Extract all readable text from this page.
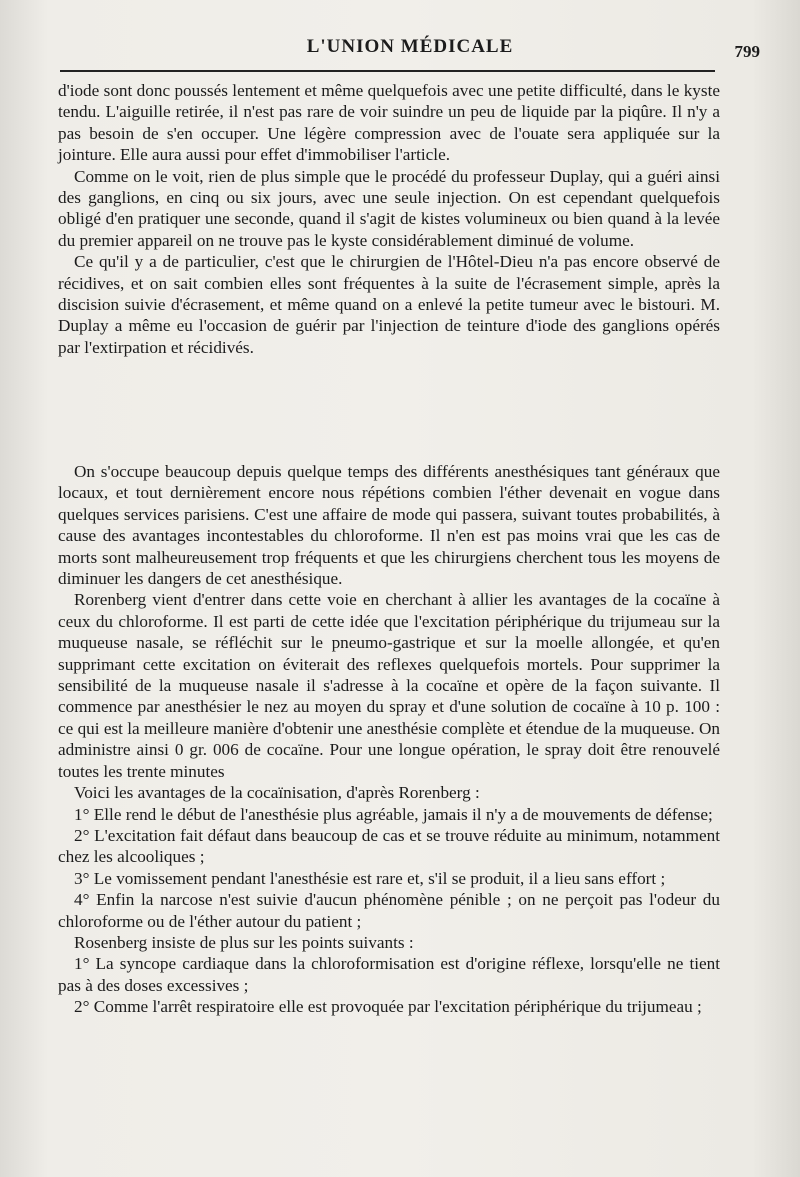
L'UNION MÉDICALE	799

d'iode sont donc poussés lentement et même quelquefois avec une petite difficulté, dans le kyste tendu. L'aiguille retirée, il n'est pas rare de voir suindre un peu de liquide par la piqûre. Il n'y a pas besoin de s'en occuper. Une légère compression avec de l'ouate sera appliquée sur la jointure. Elle aura aussi pour effet d'immobiliser l'article.

Comme on le voit, rien de plus simple que le procédé du professeur Duplay, qui a guéri ainsi des ganglions, en cinq ou six jours, avec une seule injection. On est cependant quelquefois obligé d'en pratiquer une seconde, quand il s'agit de kistes volumineux ou bien quand à la levée du premier appareil on ne trouve pas le kyste considérablement diminué de volume.

Ce qu'il y a de particulier, c'est que le chirurgien de l'Hôtel-Dieu n'a pas encore observé de récidives, et on sait combien elles sont fréquentes à la suite de l'écrasement simple, après la discision suivie d'écrasement, et même quand on a enlevé la petite tumeur avec le bistouri. M. Duplay a même eu l'occasion de guérir par l'injection de teinture d'iode des ganglions opérés par l'extirpation et récidivés.

On s'occupe beaucoup depuis quelque temps des différents anesthésiques tant généraux que locaux, et tout dernièrement encore nous répétions combien l'éther devenait en vogue dans quelques services parisiens. C'est une affaire de mode qui passera, suivant toutes probabilités, à cause des avantages incontestables du chloroforme. Il n'en est pas moins vrai que les cas de morts sont malheureusement trop fréquents et que les chirurgiens cherchent tous les moyens de diminuer les dangers de cet anesthésique.

Rorenberg vient d'entrer dans cette voie en cherchant à allier les avantages de la cocaïne à ceux du chloroforme. Il est parti de cette idée que l'excitation périphérique du trijumeau sur la muqueuse nasale, se réfléchit sur le pneumo-gastrique et sur la moelle allongée, et qu'en supprimant cette excitation on éviterait des reflexes quelquefois mortels. Pour supprimer la sensibilité de la muqueuse nasale il s'adresse à la cocaïne et opère de la façon suivante. Il commence par anesthésier le nez au moyen du spray et d'une solution de cocaïne à 10 p. 100 : ce qui est la meilleure manière d'obtenir une anesthésie complète et étendue de la muqueuse. On administre ainsi 0 gr. 006 de cocaïne. Pour une longue opération, le spray doit être renouvelé toutes les trente minutes

Voici les avantages de la cocaïnisation, d'après Rorenberg :

1° Elle rend le début de l'anesthésie plus agréable, jamais il n'y a de mouvements de défense;

2° L'excitation fait défaut dans beaucoup de cas et se trouve réduite au minimum, notamment chez les alcooliques ;

3° Le vomissement pendant l'anesthésie est rare et, s'il se produit, il a lieu sans effort ;

4° Enfin la narcose n'est suivie d'aucun phénomène pénible ; on ne perçoit pas l'odeur du chloroforme ou de l'éther autour du patient ;

Rosenberg insiste de plus sur les points suivants :

1° La syncope cardiaque dans la chloroformisation est d'origine réflexe, lorsqu'elle ne tient pas à des doses excessives ;

2° Comme l'arrêt respiratoire elle est provoquée par l'excitation périphérique du trijumeau ;
